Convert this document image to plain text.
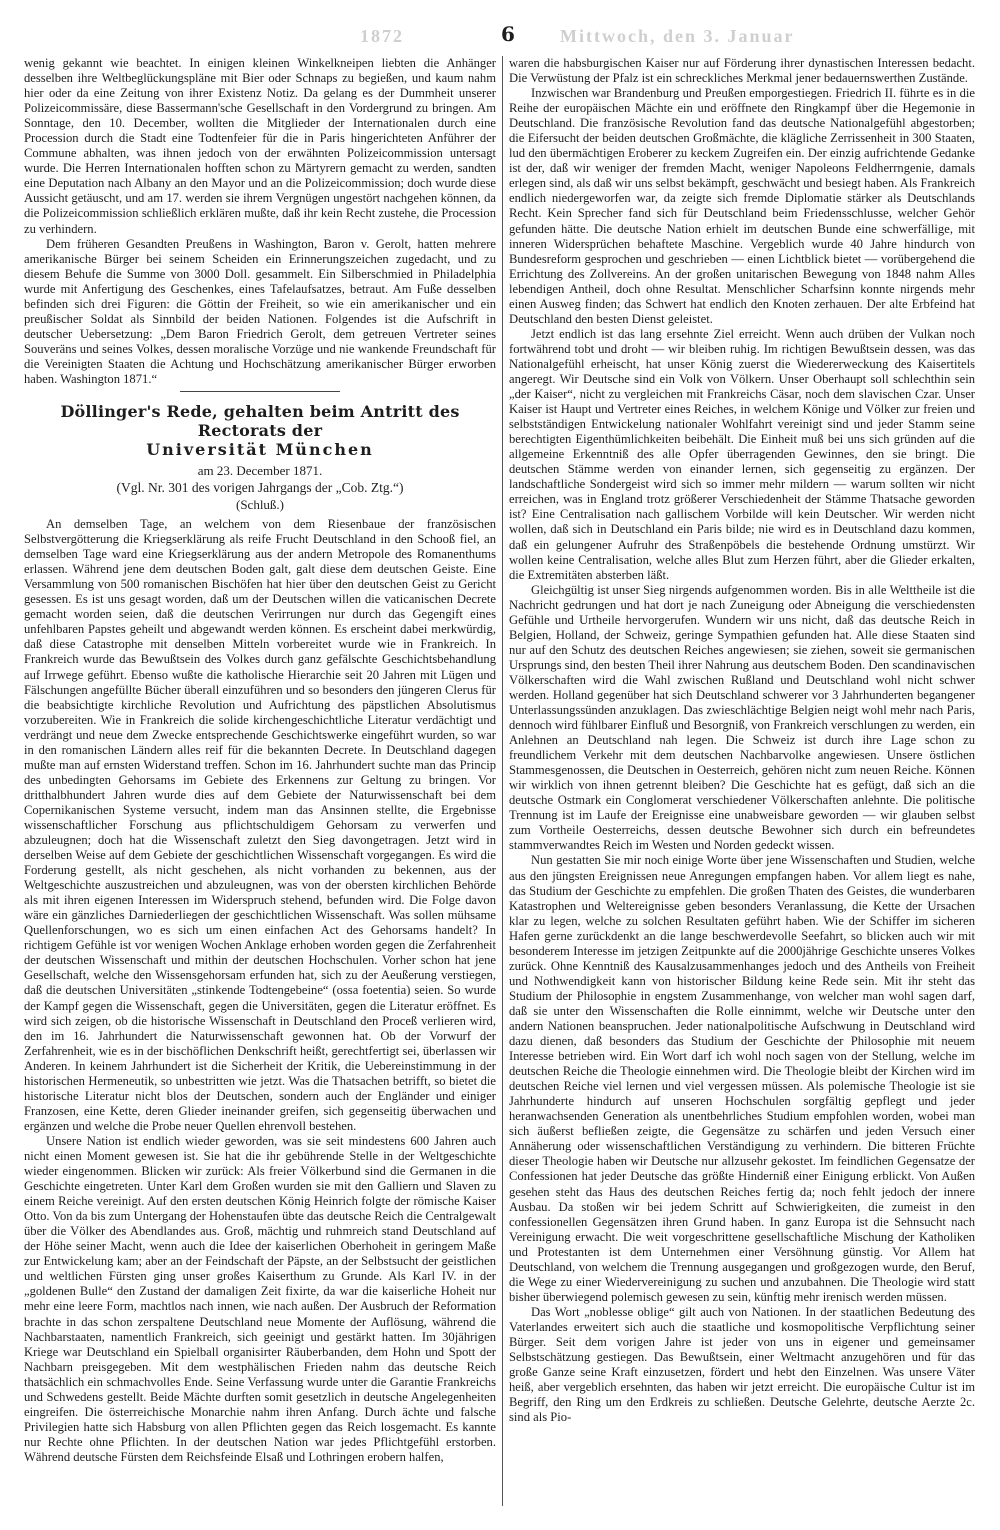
1872	6	Mittwoch, den 3. Januar

wenig gekannt wie beachtet. In einigen kleinen Winkelkneipen liebten die Anhänger desselben ihre Weltbeglückungspläne mit Bier oder Schnaps zu begießen, und kaum nahm hier oder da eine Zeitung von ihrer Existenz Notiz. Da gelang es der Dummheit unserer Polizeicommissäre, diese Bassermann'sche Gesellschaft in den Vordergrund zu bringen. Am Sonntage, den 10. December, wollten die Mitglieder der Internationalen durch eine Procession durch die Stadt eine Todtenfeier für die in Paris hingerichteten Anführer der Commune abhalten, was ihnen jedoch von der erwähnten Polizeicommission untersagt wurde. Die Herren Internationalen hofften schon zu Märtyrern gemacht zu werden, sandten eine Deputation nach Albany an den Mayor und an die Polizeicommission; doch wurde diese Aussicht getäuscht, und am 17. werden sie ihrem Vergnügen ungestört nachgehen können, da die Polizeicommission schließlich erklären mußte, daß ihr kein Recht zustehe, die Procession zu verhindern.

Dem früheren Gesandten Preußens in Washington, Baron v. Gerolt, hatten mehrere amerikanische Bürger bei seinem Scheiden ein Erinnerungszeichen zugedacht, und zu diesem Behufe die Summe von 3000 Doll. gesammelt. Ein Silberschmied in Philadelphia wurde mit Anfertigung des Geschenkes, eines Tafelaufsatzes, betraut. Am Fuße desselben befinden sich drei Figuren: die Göttin der Freiheit, so wie ein amerikanischer und ein preußischer Soldat als Sinnbild der beiden Nationen. Folgendes ist die Aufschrift in deutscher Uebersetzung: „Dem Baron Friedrich Gerolt, dem getreuen Vertreter seines Souveräns und seines Volkes, dessen moralische Vorzüge und nie wankende Freundschaft für die Vereinigten Staaten die Achtung und Hochschätzung amerikanischer Bürger erworben haben. Washington 1871.“

Döllinger's Rede, gehalten beim Antritt des Rectorats der
Universität München
am 23. December 1871.
(Vgl. Nr. 301 des vorigen Jahrgangs der „Cob. Ztg.“)
(Schluß.)

An demselben Tage, an welchem von dem Riesenbaue der französischen Selbstvergötterung die Kriegserklärung als reife Frucht Deutschland in den Schooß fiel, an demselben Tage ward eine Kriegserklärung aus der andern Metropole des Romanenthums erlassen. Während jene dem deutschen Boden galt, galt diese dem deutschen Geiste. Eine Versammlung von 500 romanischen Bischöfen hat hier über den deutschen Geist zu Gericht gesessen. Es ist uns gesagt worden, daß um der Deutschen willen die vaticanischen Decrete gemacht worden seien, daß die deutschen Verirrungen nur durch das Gegengift eines unfehlbaren Papstes geheilt und abgewandt werden können. Es erscheint dabei merkwürdig, daß diese Catastrophe mit denselben Mitteln vorbereitet wurde wie in Frankreich. In Frankreich wurde das Bewußtsein des Volkes durch ganz gefälschte Geschichtsbehandlung auf Irrwege geführt. Ebenso wußte die katholische Hierarchie seit 20 Jahren mit Lügen und Fälschungen angefüllte Bücher überall einzuführen und so besonders den jüngeren Clerus für die beabsichtigte kirchliche Revolution und Aufrichtung des päpstlichen Absolutismus vorzubereiten. Wie in Frankreich die solide kirchengeschichtliche Literatur verdächtigt und verdrängt und neue dem Zwecke entsprechende Geschichtswerke eingeführt wurden, so war in den romanischen Ländern alles reif für die bekannten Decrete. In Deutschland dagegen mußte man auf ernsten Widerstand treffen. Schon im 16. Jahrhundert suchte man das Princip des unbedingten Gehorsams im Gebiete des Erkennens zur Geltung zu bringen. Vor dritthalbhundert Jahren wurde dies auf dem Gebiete der Naturwissenschaft bei dem Copernikanischen Systeme versucht, indem man das Ansinnen stellte, die Ergebnisse wissenschaftlicher Forschung aus pflichtschuldigem Gehorsam zu verwerfen und abzuleugnen; doch hat die Wissenschaft zuletzt den Sieg davongetragen. Jetzt wird in derselben Weise auf dem Gebiete der geschichtlichen Wissenschaft vorgegangen. Es wird die Forderung gestellt, als nicht geschehen, als nicht vorhanden zu bekennen, aus der Weltgeschichte auszustreichen und abzuleugnen, was von der obersten kirchlichen Behörde als mit ihren eigenen Interessen im Widerspruch stehend, befunden wird. Die Folge davon wäre ein gänzliches Darniederliegen der geschichtlichen Wissenschaft. Was sollen mühsame Quellenforschungen, wo es sich um einen einfachen Act des Gehorsams handelt? In richtigem Gefühle ist vor wenigen Wochen Anklage erhoben worden gegen die Zerfahrenheit der deutschen Wissenschaft und mithin der deutschen Hochschulen. Vorher schon hat jene Gesellschaft, welche den Wissensgehorsam erfunden hat, sich zu der Aeußerung verstiegen, daß die deutschen Universitäten „stinkende Todtengebeine“ (ossa foetentia) seien. So wurde der Kampf gegen die Wissenschaft, gegen die Universitäten, gegen die Literatur eröffnet. Es wird sich zeigen, ob die historische Wissenschaft in Deutschland den Proceß verlieren wird, den im 16. Jahrhundert die Naturwissenschaft gewonnen hat. Ob der Vorwurf der Zerfahrenheit, wie es in der bischöflichen Denkschrift heißt, gerechtfertigt sei, überlassen wir Anderen. In keinem Jahrhundert ist die Sicherheit der Kritik, die Uebereinstimmung in der historischen Hermeneutik, so unbestritten wie jetzt. Was die Thatsachen betrifft, so bietet die historische Literatur nicht blos der Deutschen, sondern auch der Engländer und einiger Franzosen, eine Kette, deren Glieder ineinander greifen, sich gegenseitig überwachen und ergänzen und welche die Probe neuer Quellen ehrenvoll bestehen.

Unsere Nation ist endlich wieder geworden, was sie seit mindestens 600 Jahren auch nicht einen Moment gewesen ist. Sie hat die ihr gebührende Stelle in der Weltgeschichte wieder eingenommen. Blicken wir zurück: Als freier Völkerbund sind die Germanen in die Geschichte eingetreten. Unter Karl dem Großen wurden sie mit den Galliern und Slaven zu einem Reiche vereinigt. Auf den ersten deutschen König Heinrich folgte der römische Kaiser Otto. Von da bis zum Untergang der Hohenstaufen übte das deutsche Reich die Centralgewalt über die Völker des Abendlandes aus. Groß, mächtig und ruhmreich stand Deutschland auf der Höhe seiner Macht, wenn auch die Idee der kaiserlichen Oberhoheit in geringem Maße zur Entwickelung kam; aber an der Feindschaft der Päpste, an der Selbstsucht der geistlichen und weltlichen Fürsten ging unser großes Kaiserthum zu Grunde. Als Karl IV. in der „goldenen Bulle“ den Zustand der damaligen Zeit fixirte, da war die kaiserliche Hoheit nur mehr eine leere Form, machtlos nach innen, wie nach außen. Der Ausbruch der Reformation brachte in das schon zerspaltene Deutschland neue Momente der Auflösung, während die Nachbarstaaten, namentlich Frankreich, sich geeinigt und gestärkt hatten. Im 30jährigen Kriege war Deutschland ein Spielball organisirter Räuberbanden, dem Hohn und Spott der Nachbarn preisgegeben. Mit dem westphälischen Frieden nahm das deutsche Reich thatsächlich ein schmachvolles Ende. Seine Verfassung wurde unter die Garantie Frankreichs und Schwedens gestellt. Beide Mächte durften somit gesetzlich in deutsche Angelegenheiten eingreifen. Die österreichische Monarchie nahm ihren Anfang. Durch ächte und falsche Privilegien hatte sich Habsburg von allen Pflichten gegen das Reich losgemacht. Es kannte nur Rechte ohne Pflichten. In der deutschen Nation war jedes Pflichtgefühl erstorben. Während deutsche Fürsten dem Reichsfeinde Elsaß und Lothringen erobern halfen,

waren die habsburgischen Kaiser nur auf Förderung ihrer dynastischen Interessen bedacht. Die Verwüstung der Pfalz ist ein schreckliches Merkmal jener bedauernswerthen Zustände.

Inzwischen war Brandenburg und Preußen emporgestiegen. Friedrich II. führte es in die Reihe der europäischen Mächte ein und eröffnete den Ringkampf über die Hegemonie in Deutschland. Die französische Revolution fand das deutsche Nationalgefühl abgestorben; die Eifersucht der beiden deutschen Großmächte, die klägliche Zerrissenheit in 300 Staaten, lud den übermächtigen Eroberer zu keckem Zugreifen ein. Der einzig aufrichtende Gedanke ist der, daß wir weniger der fremden Macht, weniger Napoleons Feldherrngenie, damals erlegen sind, als daß wir uns selbst bekämpft, geschwächt und besiegt haben. Als Frankreich endlich niedergeworfen war, da zeigte sich fremde Diplomatie stärker als Deutschlands Recht. Kein Sprecher fand sich für Deutschland beim Friedensschlusse, welcher Gehör gefunden hätte. Die deutsche Nation erhielt im deutschen Bunde eine schwerfällige, mit inneren Widersprüchen behaftete Maschine. Vergeblich wurde 40 Jahre hindurch von Bundesreform gesprochen und geschrieben — einen Lichtblick bietet — vorübergehend die Errichtung des Zollvereins. An der großen unitarischen Bewegung von 1848 nahm Alles lebendigen Antheil, doch ohne Resultat. Menschlicher Scharfsinn konnte nirgends mehr einen Ausweg finden; das Schwert hat endlich den Knoten zerhauen. Der alte Erbfeind hat Deutschland den besten Dienst geleistet.

Jetzt endlich ist das lang ersehnte Ziel erreicht. Wenn auch drüben der Vulkan noch fortwährend tobt und droht — wir bleiben ruhig. Im richtigen Bewußtsein dessen, was das Nationalgefühl erheischt, hat unser König zuerst die Wiedererweckung des Kaisertitels angeregt. Wir Deutsche sind ein Volk von Völkern. Unser Oberhaupt soll schlechthin sein „der Kaiser“, nicht zu vergleichen mit Frankreichs Cäsar, noch dem slavischen Czar. Unser Kaiser ist Haupt und Vertreter eines Reiches, in welchem Könige und Völker zur freien und selbstständigen Entwickelung nationaler Wohlfahrt vereinigt sind und jeder Stamm seine berechtigten Eigenthümlichkeiten beibehält. Die Einheit muß bei uns sich gründen auf die allgemeine Erkenntniß des alle Opfer überragenden Gewinnes, den sie bringt. Die deutschen Stämme werden von einander lernen, sich gegenseitig zu ergänzen. Der landschaftliche Sondergeist wird sich so immer mehr mildern — warum sollten wir nicht erreichen, was in England trotz größerer Verschiedenheit der Stämme Thatsache geworden ist? Eine Centralisation nach gallischem Vorbilde will kein Deutscher. Wir werden nicht wollen, daß sich in Deutschland ein Paris bilde; nie wird es in Deutschland dazu kommen, daß ein gelungener Aufruhr des Straßenpöbels die bestehende Ordnung umstürzt. Wir wollen keine Centralisation, welche alles Blut zum Herzen führt, aber die Glieder erkalten, die Extremitäten absterben läßt.

Gleichgültig ist unser Sieg nirgends aufgenommen worden. Bis in alle Welttheile ist die Nachricht gedrungen und hat dort je nach Zuneigung oder Abneigung die verschiedensten Gefühle und Urtheile hervorgerufen. Wundern wir uns nicht, daß das deutsche Reich in Belgien, Holland, der Schweiz, geringe Sympathien gefunden hat. Alle diese Staaten sind nur auf den Schutz des deutschen Reiches angewiesen; sie ziehen, soweit sie germanischen Ursprungs sind, den besten Theil ihrer Nahrung aus deutschem Boden. Den scandinavischen Völkerschaften wird die Wahl zwischen Rußland und Deutschland wohl nicht schwer werden. Holland gegenüber hat sich Deutschland schwerer vor 3 Jahrhunderten begangener Unterlassungssünden anzuklagen. Das zwieschlächtige Belgien neigt wohl mehr nach Paris, dennoch wird fühlbarer Einfluß und Besorgniß, von Frankreich verschlungen zu werden, ein Anlehnen an Deutschland nah legen. Die Schweiz ist durch ihre Lage schon zu freundlichem Verkehr mit dem deutschen Nachbarvolke angewiesen. Unsere östlichen Stammesgenossen, die Deutschen in Oesterreich, gehören nicht zum neuen Reiche. Können wir wirklich von ihnen getrennt bleiben? Die Geschichte hat es gefügt, daß sich an die deutsche Ostmark ein Conglomerat verschiedener Völkerschaften anlehnte. Die politische Trennung ist im Laufe der Ereignisse eine unabweisbare geworden — wir glauben selbst zum Vortheile Oesterreichs, dessen deutsche Bewohner sich durch ein befreundetes stammverwandtes Reich im Westen und Norden gedeckt wissen.

Nun gestatten Sie mir noch einige Worte über jene Wissenschaften und Studien, welche aus den jüngsten Ereignissen neue Anregungen empfangen haben. Vor allem liegt es nahe, das Studium der Geschichte zu empfehlen. Die großen Thaten des Geistes, die wunderbaren Katastrophen und Weltereignisse geben besonders Veranlassung, die Kette der Ursachen klar zu legen, welche zu solchen Resultaten geführt haben. Wie der Schiffer im sicheren Hafen gerne zurückdenkt an die lange beschwerdevolle Seefahrt, so blicken auch wir mit besonderem Interesse im jetzigen Zeitpunkte auf die 2000jährige Geschichte unseres Volkes zurück. Ohne Kenntniß des Kausalzusammenhanges jedoch und des Antheils von Freiheit und Nothwendigkeit kann von historischer Bildung keine Rede sein. Mit ihr steht das Studium der Philosophie in engstem Zusammenhange, von welcher man wohl sagen darf, daß sie unter den Wissenschaften die Rolle einnimmt, welche wir Deutsche unter den andern Nationen beanspruchen. Jeder nationalpolitische Aufschwung in Deutschland wird dazu dienen, daß besonders das Studium der Geschichte der Philosophie mit neuem Interesse betrieben wird. Ein Wort darf ich wohl noch sagen von der Stellung, welche im deutschen Reiche die Theologie einnehmen wird. Die Theologie bleibt der Kirchen wird im deutschen Reiche viel lernen und viel vergessen müssen. Als polemische Theologie ist sie Jahrhunderte hindurch auf unseren Hochschulen sorgfältig gepflegt und jeder heranwachsenden Generation als unentbehrliches Studium empfohlen worden, wobei man sich äußerst befließen zeigte, die Gegensätze zu schärfen und jeden Versuch einer Annäherung oder wissenschaftlichen Verständigung zu verhindern. Die bitteren Früchte dieser Theologie haben wir Deutsche nur allzusehr gekostet. Im feindlichen Gegensatze der Confessionen hat jeder Deutsche das größte Hinderniß einer Einigung erblickt. Von Außen gesehen steht das Haus des deutschen Reiches fertig da; noch fehlt jedoch der innere Ausbau. Da stoßen wir bei jedem Schritt auf Schwierigkeiten, die zumeist in den confessionellen Gegensätzen ihren Grund haben. In ganz Europa ist die Sehnsucht nach Vereinigung erwacht. Die weit vorgeschrittene gesellschaftliche Mischung der Katholiken und Protestanten ist dem Unternehmen einer Versöhnung günstig. Vor Allem hat Deutschland, von welchem die Trennung ausgegangen und großgezogen wurde, den Beruf, die Wege zu einer Wiedervereinigung zu suchen und anzubahnen. Die Theologie wird statt bisher überwiegend polemisch gewesen zu sein, künftig mehr irenisch werden müssen.

Das Wort „noblesse oblige“ gilt auch von Nationen. In der staatlichen Bedeutung des Vaterlandes erweitert sich auch die staatliche und kosmopolitische Verpflichtung seiner Bürger. Seit dem vorigen Jahre ist jeder von uns in eigener und gemeinsamer Selbstschätzung gestiegen. Das Bewußtsein, einer Weltmacht anzugehören und für das große Ganze seine Kraft einzusetzen, fördert und hebt den Einzelnen. Was unsere Väter heiß, aber vergeblich ersehnten, das haben wir jetzt erreicht. Die europäische Cultur ist im Begriff, den Ring um den Erdkreis zu schließen. Deutsche Gelehrte, deutsche Aerzte 2c. sind als Pio-
